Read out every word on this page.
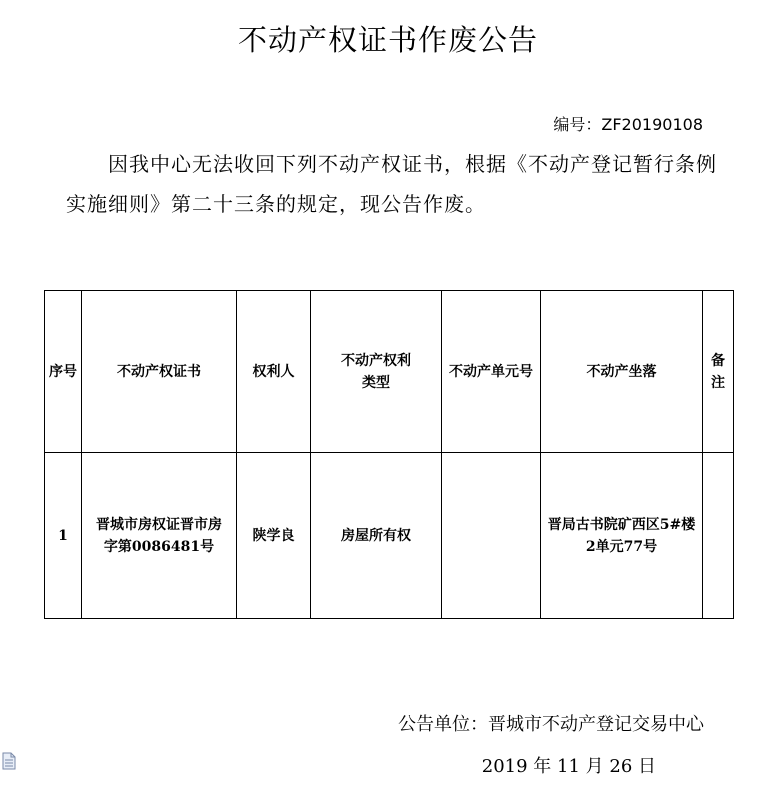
不动产权证书作废公告
编号：ZF20190108
因我中心无法收回下列不动产权证书，根据《不动产登记暂行条例实施细则》第二十三条的规定，现公告作废。
序号	不动产权证书	权利人	不动产权利类型	不动产单元号	不动产坐落	备注
1	晋城市房权证晋市房字第0086481号	陕学良	房屋所有权		晋局古书院矿西区5#楼2单元77号	
公告单位：晋城市不动产登记交易中心
2019 年 11 月 26 日
